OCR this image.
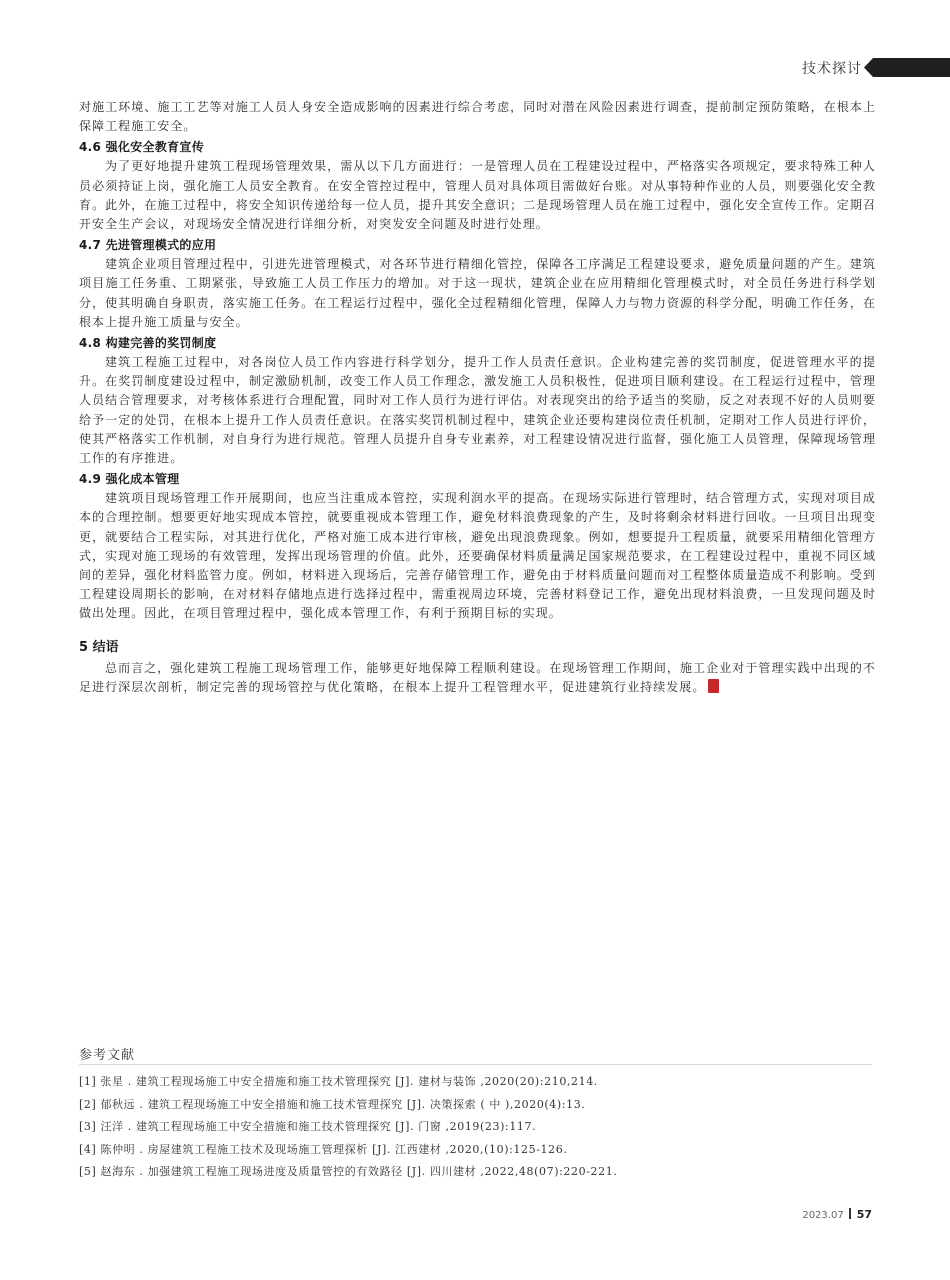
技术探讨

对施工环境、施工工艺等对施工人员人身安全造成影响的因素进行综合考虑，同时对潜在风险因素进行调查，提前制定预防策略，在根本上保障工程施工安全。

4.6 强化安全教育宣传

为了更好地提升建筑工程现场管理效果，需从以下几方面进行：一是管理人员在工程建设过程中，严格落实各项规定，要求特殊工种人员必须持证上岗，强化施工人员安全教育。在安全管控过程中，管理人员对具体项目需做好台账。对从事特种作业的人员，则要强化安全教育。此外，在施工过程中，将安全知识传递给每一位人员，提升其安全意识；二是现场管理人员在施工过程中，强化安全宣传工作。定期召开安全生产会议，对现场安全情况进行详细分析，对突发安全问题及时进行处理。

4.7 先进管理模式的应用

建筑企业项目管理过程中，引进先进管理模式，对各环节进行精细化管控，保障各工序满足工程建设要求，避免质量问题的产生。建筑项目施工任务重、工期紧张，导致施工人员工作压力的增加。对于这一现状，建筑企业在应用精细化管理模式时，对全员任务进行科学划分，使其明确自身职责，落实施工任务。在工程运行过程中，强化全过程精细化管理，保障人力与物力资源的科学分配，明确工作任务，在根本上提升施工质量与安全。

4.8 构建完善的奖罚制度

建筑工程施工过程中，对各岗位人员工作内容进行科学划分，提升工作人员责任意识。企业构建完善的奖罚制度，促进管理水平的提升。在奖罚制度建设过程中，制定激励机制，改变工作人员工作理念，激发施工人员积极性，促进项目顺利建设。在工程运行过程中，管理人员结合管理要求，对考核体系进行合理配置，同时对工作人员行为进行评估。对表现突出的给予适当的奖励，反之对表现不好的人员则要给予一定的处罚，在根本上提升工作人员责任意识。在落实奖罚机制过程中，建筑企业还要构建岗位责任机制，定期对工作人员进行评价，使其严格落实工作机制，对自身行为进行规范。管理人员提升自身专业素养，对工程建设情况进行监督，强化施工人员管理，保障现场管理工作的有序推进。

4.9 强化成本管理

建筑项目现场管理工作开展期间，也应当注重成本管控，实现利润水平的提高。在现场实际进行管理时，结合管理方式，实现对项目成本的合理控制。想要更好地实现成本管控，就要重视成本管理工作，避免材料浪费现象的产生，及时将剩余材料进行回收。一旦项目出现变更，就要结合工程实际，对其进行优化，严格对施工成本进行审核，避免出现浪费现象。例如，想要提升工程质量，就要采用精细化管理方式，实现对施工现场的有效管理，发挥出现场管理的价值。此外，还要确保材料质量满足国家规范要求，在工程建设过程中，重视不同区域间的差异，强化材料监管力度。例如，材料进入现场后，完善存储管理工作，避免由于材料质量问题而对工程整体质量造成不利影响。受到工程建设周期长的影响，在对材料存储地点进行选择过程中，需重视周边环境，完善材料登记工作，避免出现材料浪费，一旦发现问题及时做出处理。因此，在项目管理过程中，强化成本管理工作，有利于预期目标的实现。

5 结语

总而言之，强化建筑工程施工现场管理工作，能够更好地保障工程顺利建设。在现场管理工作期间，施工企业对于管理实践中出现的不足进行深层次剖析，制定完善的现场管控与优化策略，在根本上提升工程管理水平，促进建筑行业持续发展。

参考文献
[1] 张星 . 建筑工程现场施工中安全措施和施工技术管理探究 [J]. 建材与装饰 ,2020(20):210,214.
[2] 郁秋远 . 建筑工程现场施工中安全措施和施工技术管理探究 [J]. 决策探索 ( 中 ),2020(4):13.
[3] 汪洋 . 建筑工程现场施工中安全措施和施工技术管理探究 [J]. 门窗 ,2019(23):117.
[4] 陈仲明 . 房屋建筑工程施工技术及现场施工管理探析 [J]. 江西建材 ,2020,(10):125-126.
[5] 赵海东 . 加强建筑工程施工现场进度及质量管控的有效路径 [J]. 四川建材 ,2022,48(07):220-221.
2023.07 57
